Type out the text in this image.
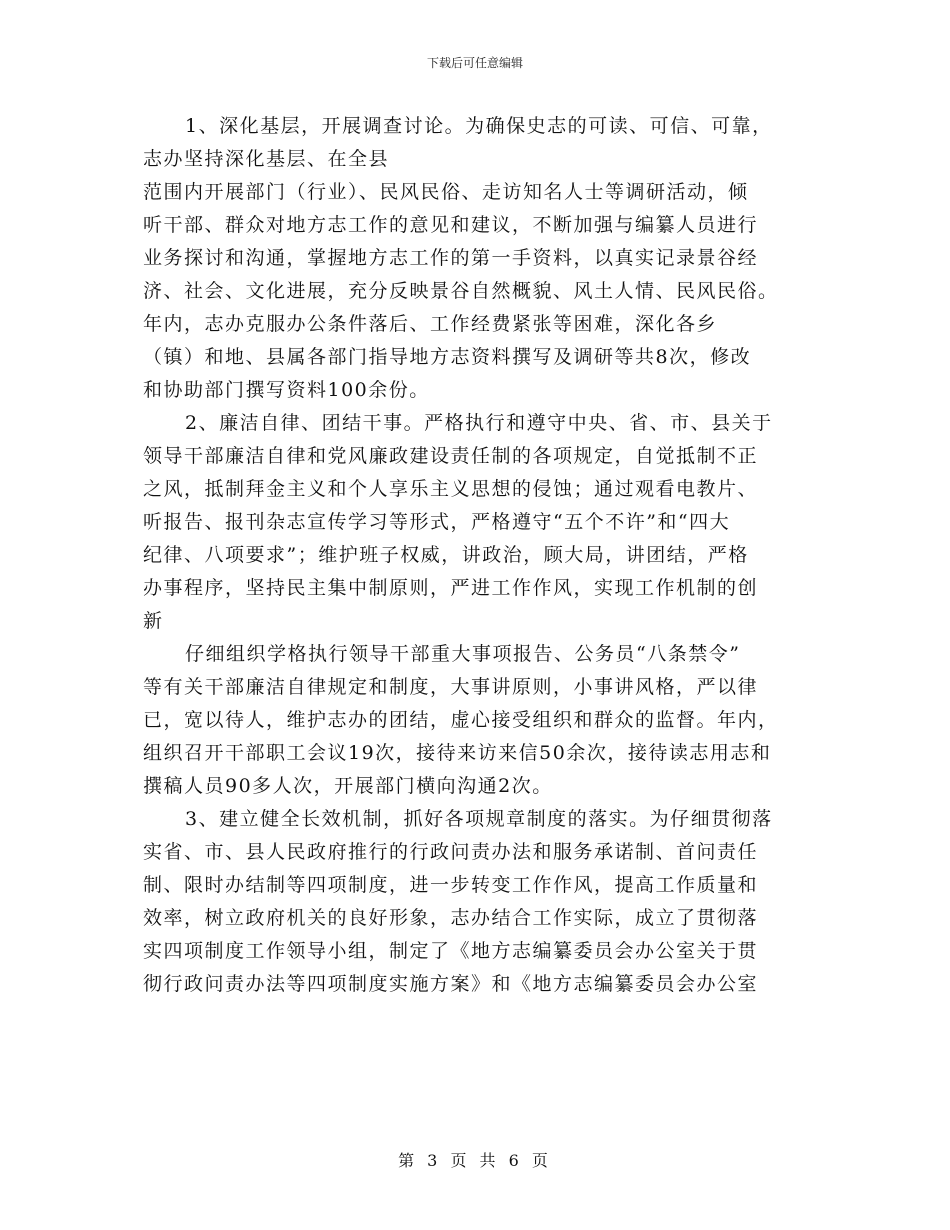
下载后可任意编辑
1、深化基层，开展调查讨论。为确保史志的可读、可信、可靠，
志办坚持深化基层、在全县
范围内开展部门（行业）、民风民俗、走访知名人士等调研活动，倾
听干部、群众对地方志工作的意见和建议，不断加强与编纂人员进行
业务探讨和沟通，掌握地方志工作的第一手资料，以真实记录景谷经
济、社会、文化进展，充分反映景谷自然概貌、风土人情、民风民俗。
年内，志办克服办公条件落后、工作经费紧张等困难，深化各乡
（镇）和地、县属各部门指导地方志资料撰写及调研等共8次，修改
和协助部门撰写资料100余份。
2、廉洁自律、团结干事。严格执行和遵守中央、省、市、县关于
领导干部廉洁自律和党风廉政建设责任制的各项规定，自觉抵制不正
之风，抵制拜金主义和个人享乐主义思想的侵蚀；通过观看电教片、
听报告、报刊杂志宣传学习等形式，严格遵守“五个不许”和“四大
纪律、八项要求”；维护班子权威，讲政治，顾大局，讲团结，严格
办事程序，坚持民主集中制原则，严进工作作风，实现工作机制的创
新
仔细组织学格执行领导干部重大事项报告、公务员“八条禁令”
等有关干部廉洁自律规定和制度，大事讲原则，小事讲风格，严以律
已，宽以待人，维护志办的团结，虚心接受组织和群众的监督。年内，
组织召开干部职工会议19次，接待来访来信50余次，接待读志用志和
撰稿人员90多人次，开展部门横向沟通2次。
3、建立健全长效机制，抓好各项规章制度的落实。为仔细贯彻落
实省、市、县人民政府推行的行政问责办法和服务承诺制、首问责任
制、限时办结制等四项制度，进一步转变工作作风，提高工作质量和
效率，树立政府机关的良好形象，志办结合工作实际，成立了贯彻落
实四项制度工作领导小组，制定了《地方志编纂委员会办公室关于贯
彻行政问责办法等四项制度实施方案》和《地方志编纂委员会办公室
第 3 页 共 6 页
